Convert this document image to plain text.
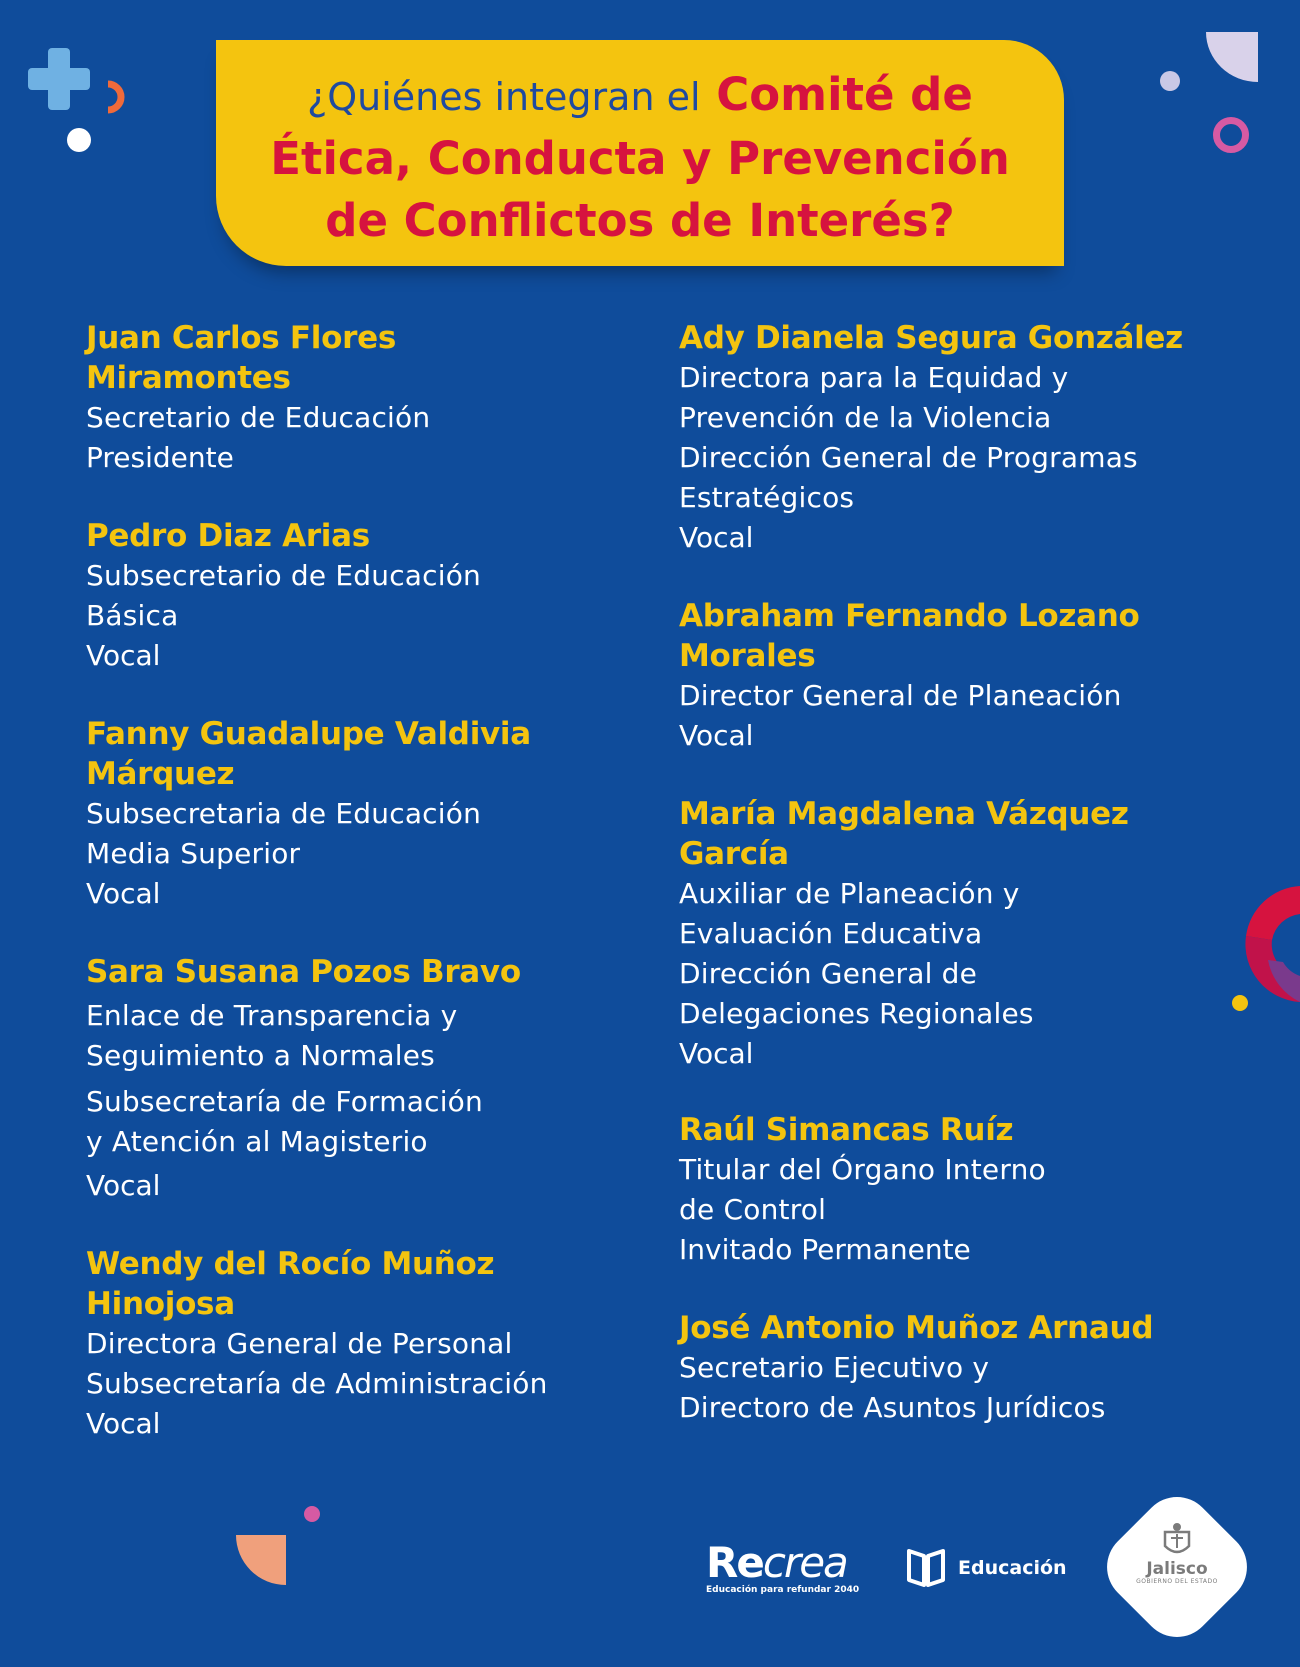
¿Quiénes integran el Comité de
Ética, Conducta y Prevención
de Conflictos de Interés?
Juan Carlos Flores
Miramontes
Secretario de Educación
Presidente
Pedro Diaz Arias
Subsecretario de Educación
Básica
Vocal
Fanny Guadalupe Valdivia
Márquez
Subsecretaria de Educación
Media Superior
Vocal
Sara Susana Pozos Bravo
Enlace de Transparencia y
Seguimiento a Normales
Subsecretaría de Formación
y Atención al Magisterio
Vocal
Wendy del Rocío Muñoz
Hinojosa
Directora General de Personal
Subsecretaría de Administración
Vocal
Ady Dianela Segura González
Directora para la Equidad y
Prevención de la Violencia
Dirección General de Programas
Estratégicos
Vocal
Abraham Fernando Lozano
Morales
Director General de Planeación
Vocal
María Magdalena Vázquez
García
Auxiliar de Planeación y
Evaluación Educativa
Dirección General de
Delegaciones Regionales
Vocal
Raúl Simancas Ruíz
Titular del Órgano Interno
de Control
Invitado Permanente
José Antonio Muñoz Arnaud
Secretario Ejecutivo y
Directoro de Asuntos Jurídicos
Recrea
Educación para refundar 2040
Educación	Jalisco
GOBIERNO DEL ESTADO
